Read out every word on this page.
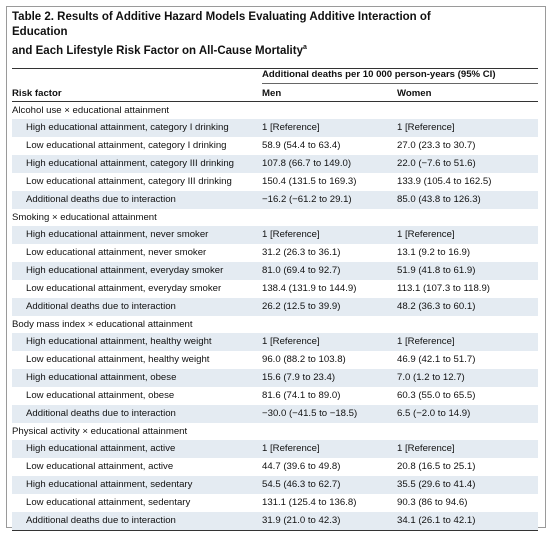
Table 2. Results of Additive Hazard Models Evaluating Additive Interaction of Education
and Each Lifestyle Risk Factor on All-Cause Mortality$^a$

	Additional deaths per 10 000 person-years (95% CI)	

Risk factor	Men	Women
Alcohol use × educational attainment		
High educational attainment, category I drinking	1 [Reference]	1 [Reference]
Low educational attainment, category I drinking	58.9 (54.4 to 63.4)	27.0 (23.3 to 30.7)
High educational attainment, category III drinking	107.8 (66.7 to 149.0)	22.0 (−7.6 to 51.6)
Low educational attainment, category III drinking	150.4 (131.5 to 169.3)	133.9 (105.4 to 162.5)
Additional deaths due to interaction	−16.2 (−61.2 to 29.1)	85.0 (43.8 to 126.3)
Smoking × educational attainment		
High educational attainment, never smoker	1 [Reference]	1 [Reference]
Low educational attainment, never smoker	31.2 (26.3 to 36.1)	13.1 (9.2 to 16.9)
High educational attainment, everyday smoker	81.0 (69.4 to 92.7)	51.9 (41.8 to 61.9)
Low educational attainment, everyday smoker	138.4 (131.9 to 144.9)	113.1 (107.3 to 118.9)
Additional deaths due to interaction	26.2 (12.5 to 39.9)	48.2 (36.3 to 60.1)
Body mass index × educational attainment		
High educational attainment, healthy weight	1 [Reference]	1 [Reference]
Low educational attainment, healthy weight	96.0 (88.2 to 103.8)	46.9 (42.1 to 51.7)
High educational attainment, obese	15.6 (7.9 to 23.4)	7.0 (1.2 to 12.7)
Low educational attainment, obese	81.6 (74.1 to 89.0)	60.3 (55.0 to 65.5)
Additional deaths due to interaction	−30.0 (−41.5 to −18.5)	6.5 (−2.0 to 14.9)
Physical activity × educational attainment		
High educational attainment, active	1 [Reference]	1 [Reference]
Low educational attainment, active	44.7 (39.6 to 49.8)	20.8 (16.5 to 25.1)
High educational attainment, sedentary	54.5 (46.3 to 62.7)	35.5 (29.6 to 41.4)
Low educational attainment, sedentary	131.1 (125.4 to 136.8)	90.3 (86 to 94.6)
Additional deaths due to interaction	31.9 (21.0 to 42.3)	34.1 (26.1 to 42.1)
